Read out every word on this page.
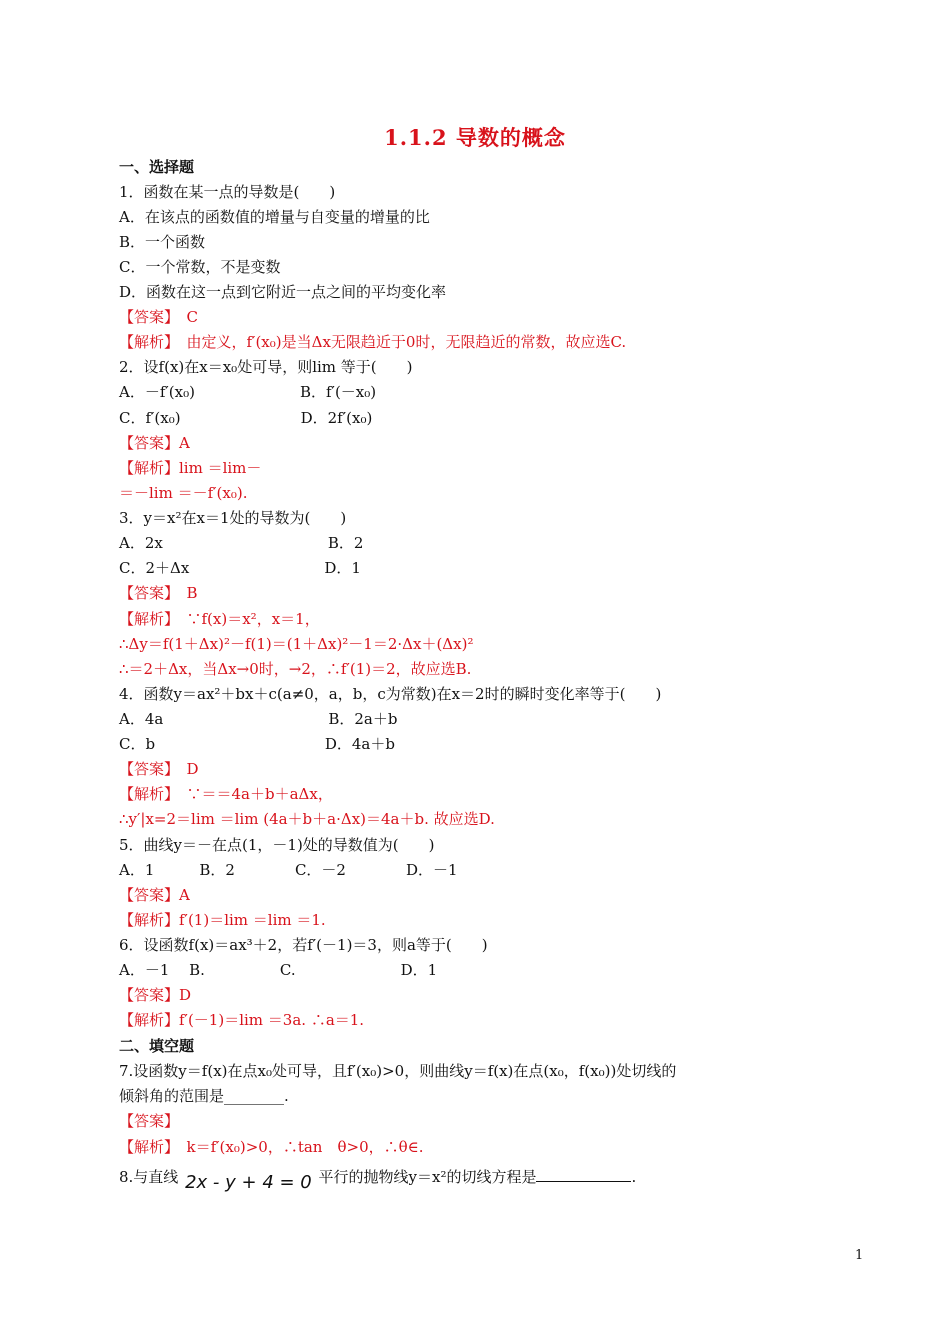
1.1.2 导数的概念
一、选择题
1．函数在某一点的导数是(　　)
A．在该点的函数值的增量与自变量的增量的比
B．一个函数
C．一个常数，不是变数
D．函数在这一点到它附近一点之间的平均变化率
【答案】　C
【解析】　由定义，f′(x₀)是当Δx无限趋近于0时，无限趋近的常数，故应选C.
2．设f(x)在x＝x₀处可导，则lim 等于(　　)
A．－f′(x₀)　　　　　　　B．f′(－x₀)
C．f′(x₀)　　　　　　　　D．2f′(x₀)
【答案】A
【解析】lim ＝lim－
＝－lim ＝－f′(x₀).
3．y＝x²在x＝1处的导数为(　　)
A．2x　　　　　　　　　　　B．2
C．2＋Δx　　　　　　　　　D．1
【答案】　B
【解析】　∵f(x)＝x²，x＝1，
∴Δy＝f(1＋Δx)²－f(1)＝(1＋Δx)²－1＝2·Δx＋(Δx)²
∴＝2＋Δx，当Δx→0时，→2，∴f′(1)＝2，故应选B.
4．函数y＝ax²＋bx＋c(a≠0，a，b，c为常数)在x＝2时的瞬时变化率等于(　　)
A．4a　　　　　　　　　　　B．2a＋b
C．b　　　　　　　　　　　 D．4a＋b
【答案】　D
【解析】　∵＝＝4a＋b＋aΔx，
∴y′|x=2＝lim ＝lim (4a＋b＋a·Δx)＝4a＋b. 故应选D.
5．曲线y＝－在点(1，－1)处的导数值为(　　)
A．1　　　B．2　　　　C．－2　　　　D．－1
【答案】A
【解析】f′(1)＝lim ＝lim ＝1.
6．设函数f(x)＝ax³＋2，若f′(－1)＝3，则a等于(　　)
A．－1　 B.　　　　　C.　　　　　　　D．1
【答案】D
【解析】f′(－1)＝lim ＝3a. ∴a＝1.
二、填空题
7.设函数y＝f(x)在点x₀处可导，且f′(x₀)>0，则曲线y＝f(x)在点(x₀，f(x₀))处切线的
倾斜角的范围是________.
【答案】
【解析】　k＝f′(x₀)>0，∴tan　θ>0，∴θ∈.
8.与直线 2x - y + 4 = 0 平行的抛物线y＝x²的切线方程是	.
1
